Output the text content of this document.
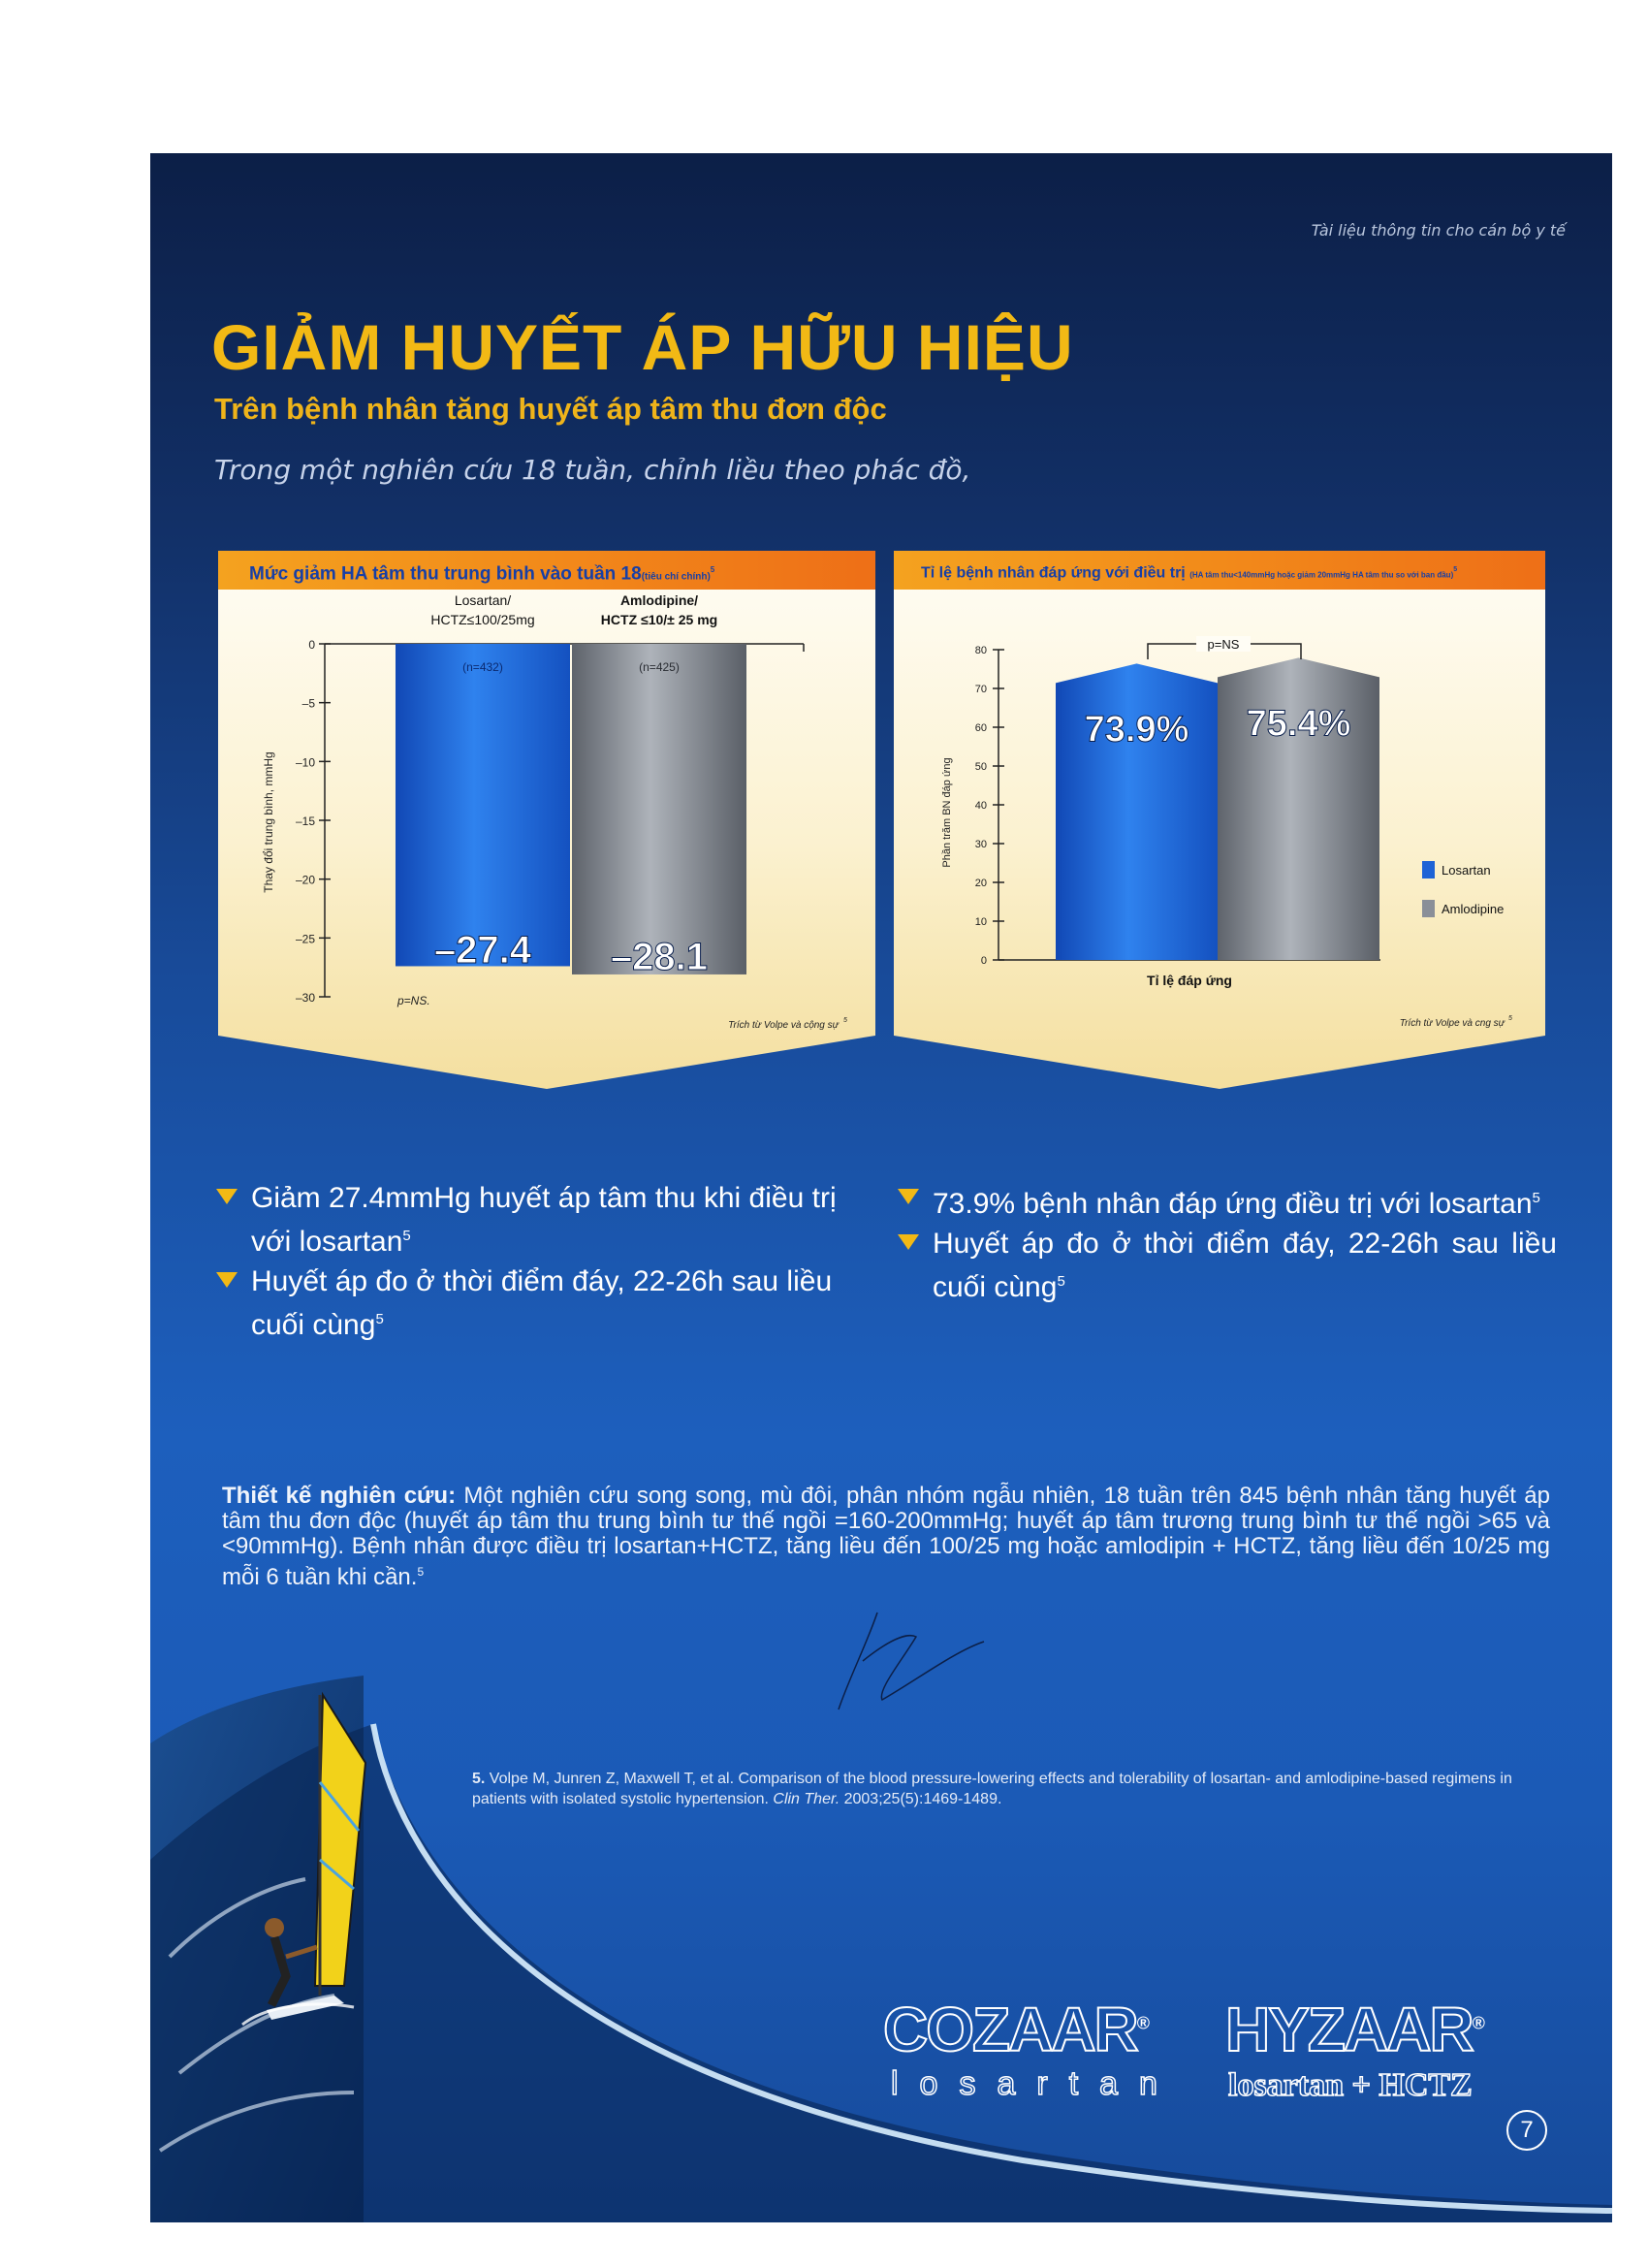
Tài liệu thông tin cho cán bộ y tế
GIẢM HUYẾT ÁP HỮU HIỆU
Trên bệnh nhân tăng huyết áp tâm thu đơn độc
Trong một nghiên cứu 18 tuần, chỉnh liều theo phác đồ,
0
–5
–10
–15
–20
–25
–30
Thay đổi trung bình, mmHg
Losartan/
HCTZ≤100/25mg
(n=432)
–27.4
Amlodipine/
HCTZ ≤10/± 25 mg
(n=425)
–28.1
p=NS.
Trích từ Volpe và cộng sự 5
Mức giảm HA tâm thu trung bình vào tuần 18(tiêu chí chính)$^5$
0
10
20
30
40
50
60
70
80
Phần trăm BN đáp ứng
73.9%
Losartan
75.4%
Amlodipine
p=NS
Tỉ lệ đáp ứng
Trích từ Volpe và cng sự 5
Tỉ lệ bệnh nhân đáp ứng với điều trị (HA tâm thu<140mmHg hoặc giảm 20mmHg HA tâm thu so với ban đầu)$^5$
Giảm 27.4mmHg huyết áp tâm thu khi điều trị với losartan$^5$
Huyết áp đo ở thời điểm đáy, 22-26h sau liều cuối cùng$^5$
73.9% bệnh nhân đáp ứng điều trị với losartan$^5$
Huyết áp đo ở thời điểm đáy, 22-26h sau liều cuối cùng$^5$
Thiết kế nghiên cứu: Một nghiên cứu song song, mù đôi, phân nhóm ngẫu nhiên, 18 tuần trên 845 bệnh nhân tăng huyết áp tâm thu đơn độc (huyết áp tâm thu trung bình tư thế ngồi =160-200mmHg; huyết áp tâm trương trung bình tư thế ngồi >65 và <90mmHg). Bệnh nhân được điều trị losartan+HCTZ, tăng liều đến 100/25 mg hoặc amlodipin + HCTZ, tăng liều đến 10/25 mg mỗi 6 tuần khi cần.$^5$
5. Volpe M, Junren Z, Maxwell T, et al. Comparison of the blood pressure-lowering effects and tolerability of losartan- and amlodipine-based regimens in patients with isolated systolic hypertension. Clin Ther. 2003;25(5):1469-1489.
COZAAR®
losartan
HYZAAR®
losartan + HCTZ
7
